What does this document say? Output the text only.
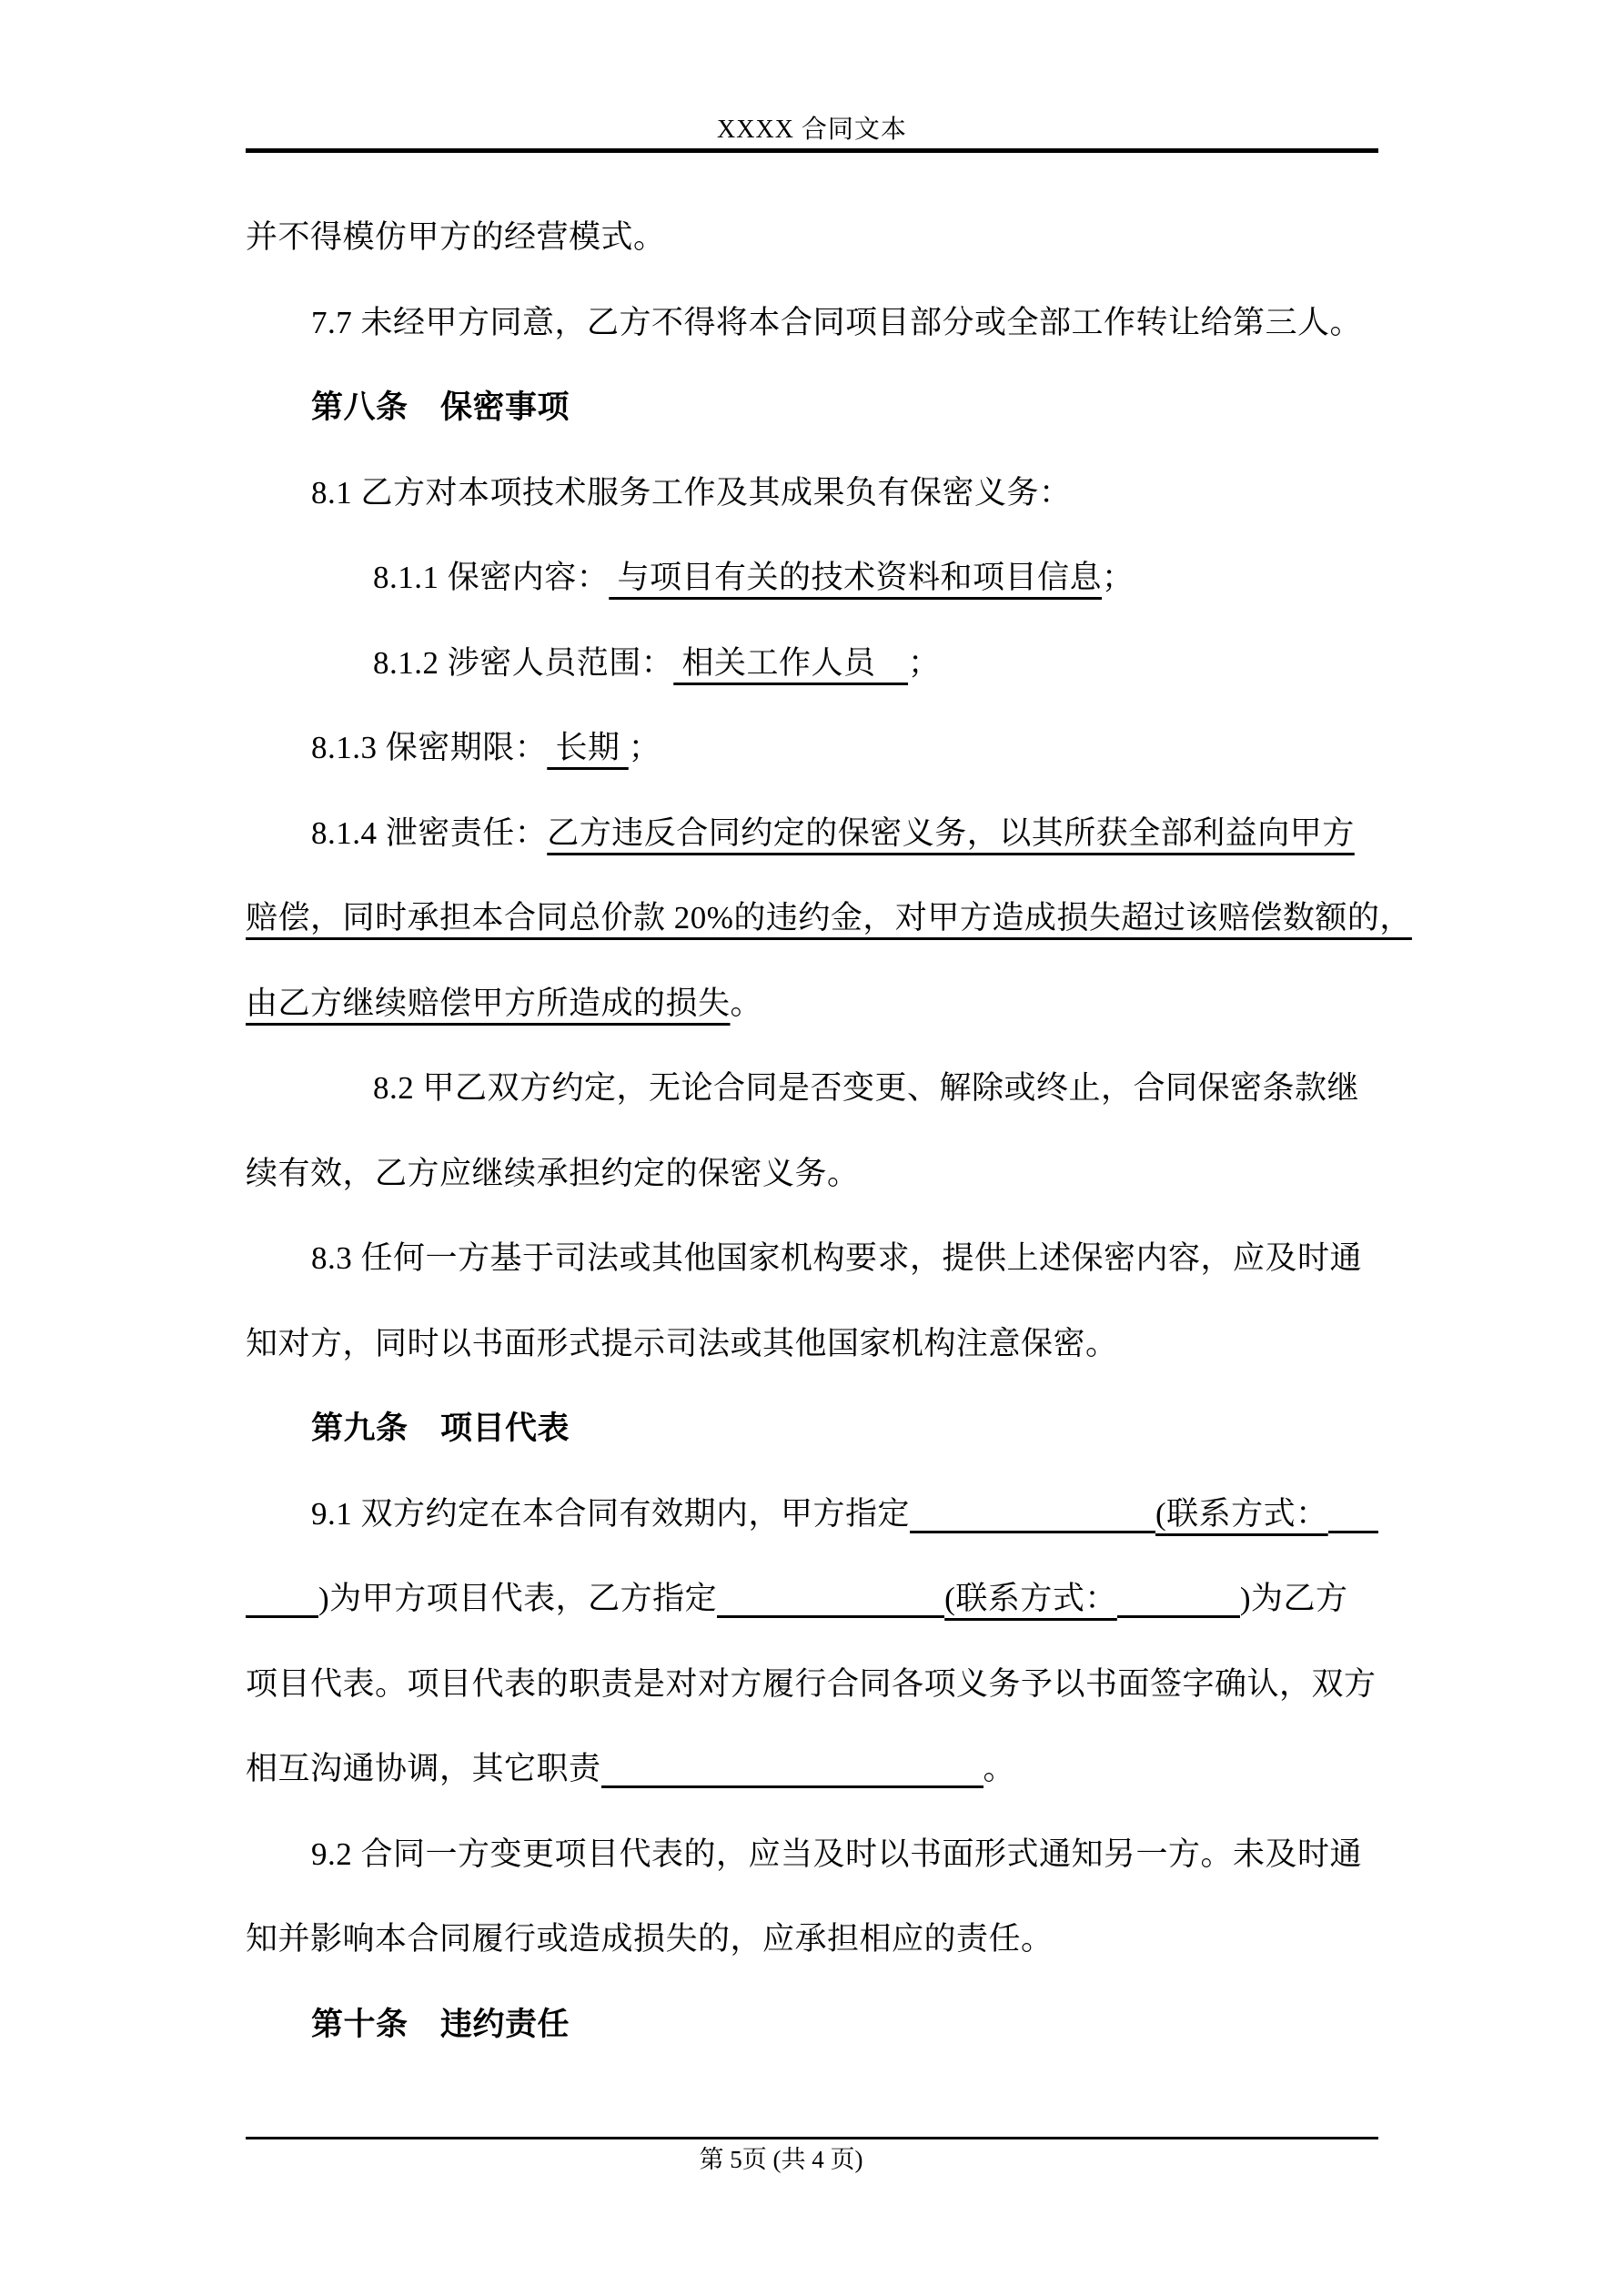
XXXX 合同文本
并不得模仿甲方的经营模式。
7.7 未经甲方同意，乙方不得将本合同项目部分或全部工作转让给第三人。
第八条　保密事项
8.1 乙方对本项技术服务工作及其成果负有保密义务：
8.1.1 保密内容： 与项目有关的技术资料和项目信息；
8.1.2 涉密人员范围： 相关工作人员　；
8.1.3 保密期限： 长期 ；
8.1.4 泄密责任：乙方违反合同约定的保密义务，以其所获全部利益向甲方
赔偿，同时承担本合同总价款 20%的违约金，对甲方造成损失超过该赔偿数额的，
由乙方继续赔偿甲方所造成的损失。
8.2 甲乙双方约定，无论合同是否变更、解除或终止，合同保密条款继
续有效，乙方应继续承担约定的保密义务。
8.3 任何一方基于司法或其他国家机构要求，提供上述保密内容，应及时通
知对方，同时以书面形式提示司法或其他国家机构注意保密。
第九条　项目代表
9.1 双方约定在本合同有效期内，甲方指定	(联系方式：
)为甲方项目代表，乙方指定	(联系方式：	)为乙方
项目代表。项目代表的职责是对对方履行合同各项义务予以书面签字确认，双方
相互沟通协调，其它职责	。
9.2 合同一方变更项目代表的，应当及时以书面形式通知另一方。未及时通
知并影响本合同履行或造成损失的，应承担相应的责任。
第十条　违约责任
第 5页 (共 4 页)
